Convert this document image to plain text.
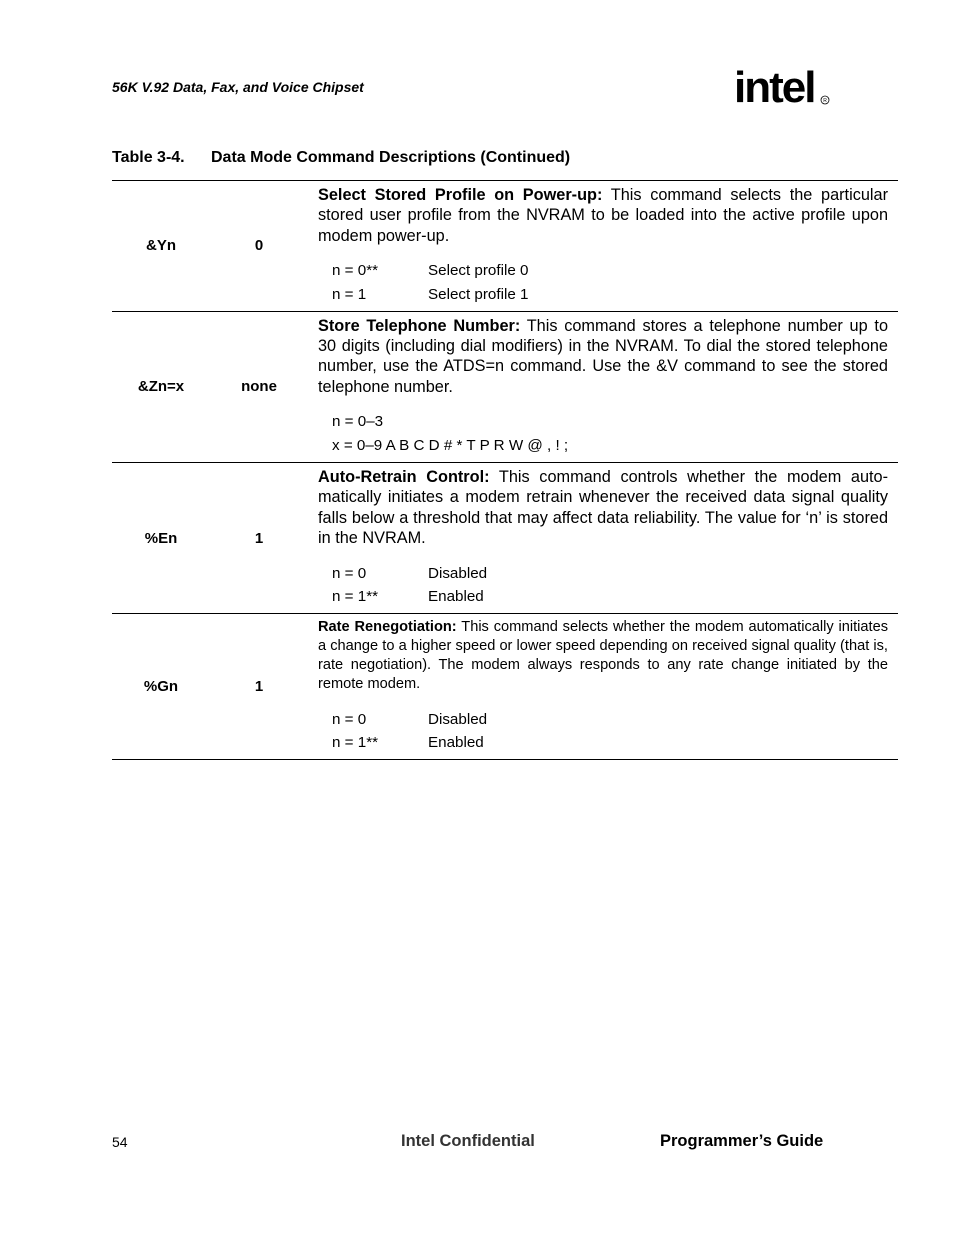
56K V.92 Data, Fax, and Voice Chipset	intel R
Table 3-4. Data Mode Command Descriptions (Continued)
&Yn	0

Select Stored Profile on Power-up: This command selects the particular stored user profile from the NVRAM to be loaded into the active profile upon modem power-up.

n = 0**	Select profile 0
n = 1	Select profile 1
&Zn=x	none

Store Telephone Number: This command stores a telephone number up to 30 digits (including dial modifiers) in the NVRAM. To dial the stored telephone number, use the ATDS=n command. Use the &V command to see the stored telephone number.

n = 0–3
x = 0–9 A B C D # * T P R W @ , ! ;
%En	1

Auto-Retrain Control: This command controls whether the modem automatically initiates a modem retrain whenever the received data signal quality falls below a threshold that may affect data reliability. The value for ‘n’ is stored in the NVRAM.

n = 0	Disabled
n = 1**	Enabled
%Gn	1

Rate Renegotiation: This command selects whether the modem automatically initiates a change to a higher speed or lower speed depending on received signal quality (that is, rate negotiation). The modem always responds to any rate change initiated by the remote modem.

n = 0	Disabled
n = 1**	Enabled
54	Intel Confidential	Programmer’s Guide
